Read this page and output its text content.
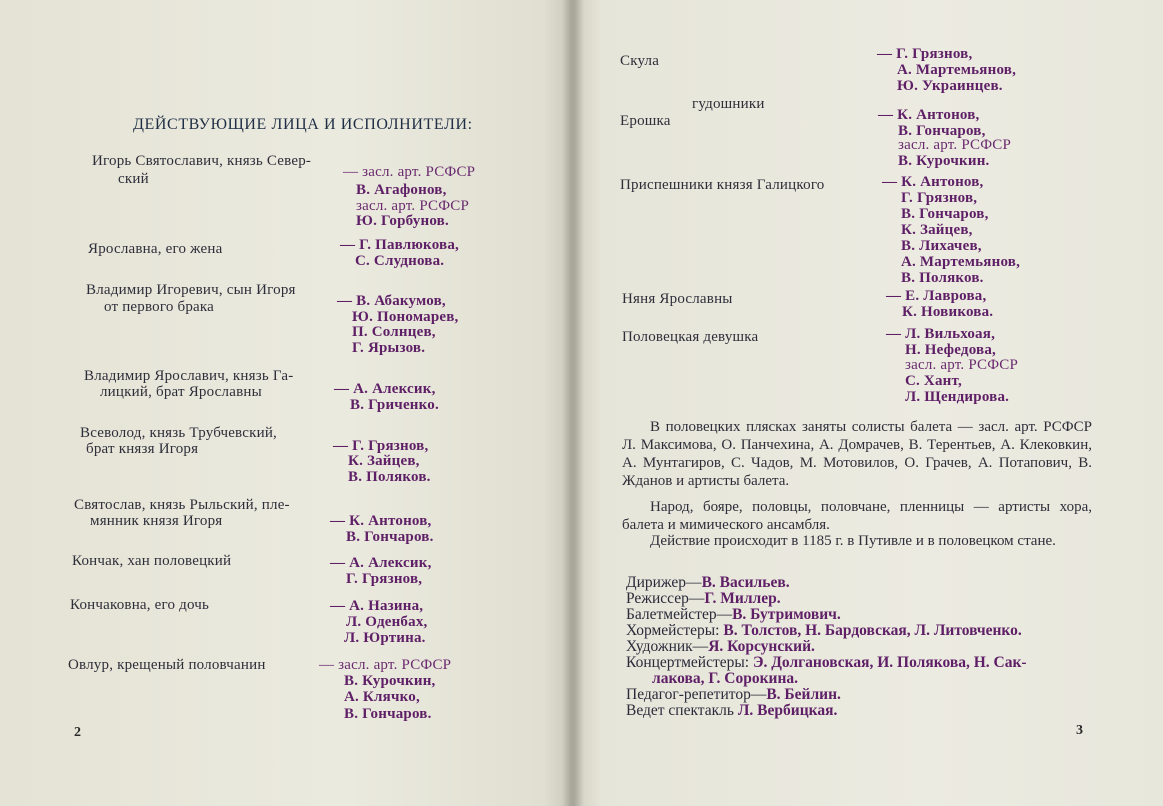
ДЕЙСТВУЮЩИЕ ЛИЦА И ИСПОЛНИТЕЛИ:
Игорь Святославич, князь Север-
ский	— засл. арт. РСФСР
В. Агафонов,
засл. арт. РСФСР
Ю. Горбунов.
Ярославна, его жена	— Г. Павлюкова,
С. Слуднова.
Владимир Игоревич, сын Игоря
от первого брака	— В. Абакумов,
Ю. Пономарев,
П. Солнцев,
Г. Ярызов.
Владимир Ярославич, князь Га-
лицкий, брат Ярославны	— А. Алексик,
В. Гриченко.
Всеволод, князь Трубчевский,
брат князя Игоря	— Г. Грязнов,
К. Зайцев,
В. Поляков.
Святослав, князь Рыльский, пле-
мянник князя Игоря	— К. Антонов,
В. Гончаров.
Кончак, хан половецкий	— А. Алексик,
Г. Грязнов,
Кончаковна, его дочь	— А. Назина,
Л. Оденбах,
Л. Юртина.
Овлур, крещеный половчанин	— засл. арт. РСФСР
В. Курочкин,
А. Клячко,
В. Гончаров.
2
Скула	— Г. Грязнов,
А. Мартемьянов,
Ю. Украинцев.
гудошники
Ерошка	— К. Антонов,
В. Гончаров,
засл. арт. РСФСР
В. Курочкин.
Приспешники князя Галицкого	— К. Антонов,
Г. Грязнов,
В. Гончаров,
К. Зайцев,
В. Лихачев,
А. Мартемьянов,
В. Поляков.
Няня Ярославны	— Е. Лаврова,
К. Новикова.
Половецкая девушка	— Л. Вильхоая,
Н. Нефедова,
засл. арт. РСФСР
С. Хант,
Л. Щендирова.
В половецких плясках заняты солисты балета — засл. арт. РСФСР Л. Максимова, О. Панчехина, А. Домрачев, В. Терентьев, А. Клековкин, А. Мунтагиров, С. Чадов, М. Мотовилов, О. Грачев, А. Потапович, В. Жданов и артисты балета.
Народ, бояре, половцы, половчане, пленницы — артисты хора, балета и мимического ансамбля.
Действие происходит в 1185 г. в Путивле и в половецком стане.
Дирижер—В. Васильев.
Режиссер—Г. Миллер.
Балетмейстер—В. Бутримович.
Хормейстеры: В. Толстов, Н. Бардовская, Л. Литовченко.
Художник—Я. Корсунский.
Концертмейстеры: Э. Долгановская, И. Полякова, Н. Сак-
лакова, Г. Сорокина.
Педагог-репетитор—В. Бейлин.
Ведет спектакль Л. Вербицкая.
3
